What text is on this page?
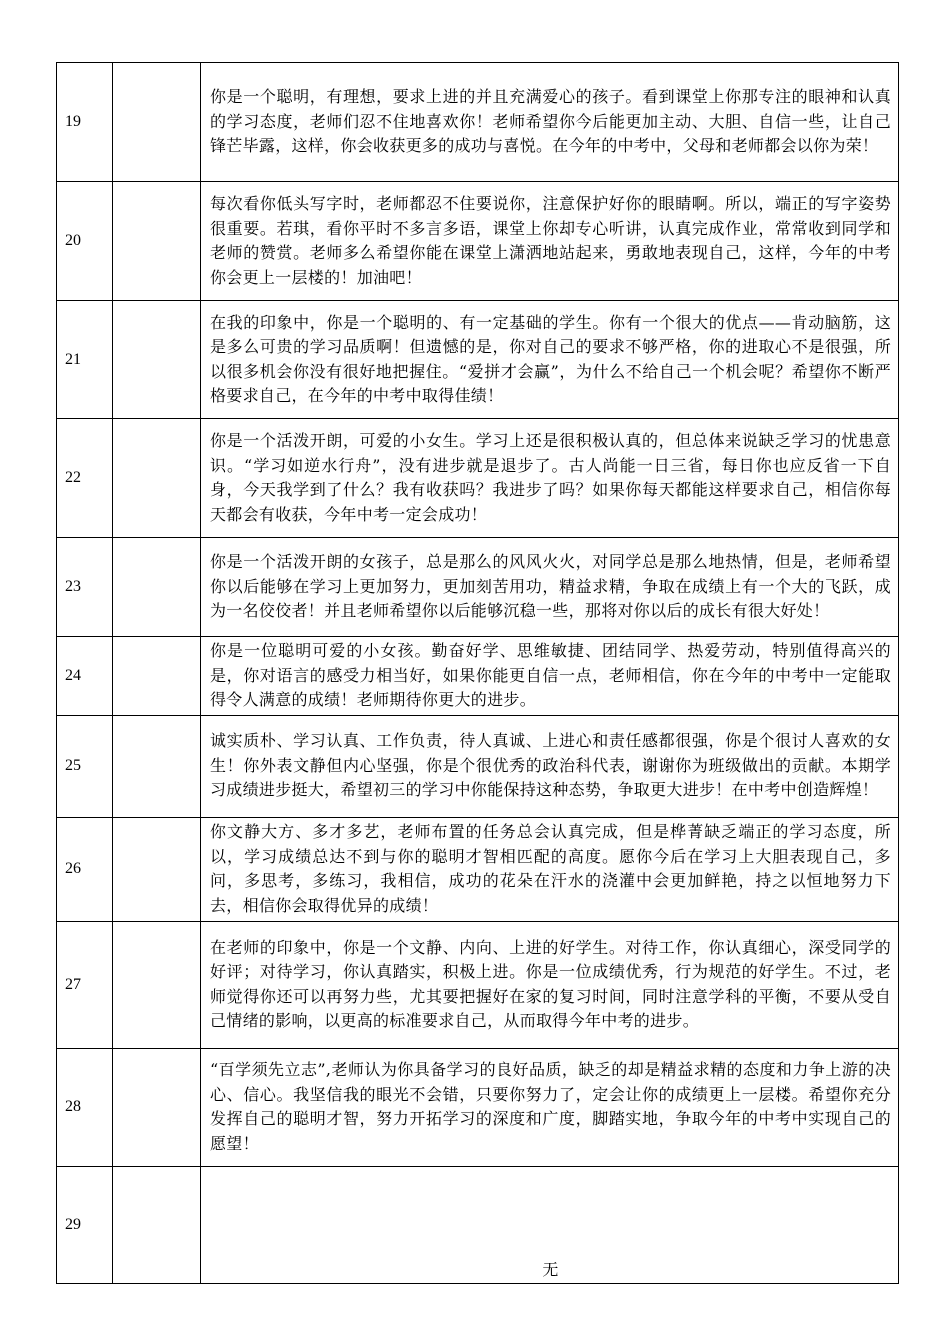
19		你是一个聪明，有理想，要求上进的并且充满爱心的孩子。看到课堂上你那专注的眼神和认真的学习态度，老师们忍不住地喜欢你！老师希望你今后能更加主动、大胆、自信一些，让自己锋芒毕露，这样，你会收获更多的成功与喜悦。在今年的中考中，父母和老师都会以你为荣！
20		每次看你低头写字时，老师都忍不住要说你，注意保护好你的眼睛啊。所以，端正的写字姿势很重要。若琪，看你平时不多言多语，课堂上你却专心听讲，认真完成作业，常常收到同学和老师的赞赏。老师多么希望你能在课堂上潇洒地站起来，勇敢地表现自己，这样，今年的中考你会更上一层楼的！加油吧！
21		在我的印象中，你是一个聪明的、有一定基础的学生。你有一个很大的优点——肯动脑筋，这是多么可贵的学习品质啊！但遗憾的是，你对自己的要求不够严格，你的进取心不是很强，所以很多机会你没有很好地把握住。“爱拼才会赢”，为什么不给自己一个机会呢？希望你不断严格要求自己，在今年的中考中取得佳绩！
22		你是一个活泼开朗，可爱的小女生。学习上还是很积极认真的，但总体来说缺乏学习的忧患意识。“学习如逆水行舟”，没有进步就是退步了。古人尚能一日三省，每日你也应反省一下自身，今天我学到了什么？我有收获吗？我进步了吗？如果你每天都能这样要求自己，相信你每天都会有收获，今年中考一定会成功！
23		你是一个活泼开朗的女孩子，总是那么的风风火火，对同学总是那么地热情，但是，老师希望你以后能够在学习上更加努力，更加刻苦用功，精益求精，争取在成绩上有一个大的飞跃，成为一名佼佼者！并且老师希望你以后能够沉稳一些，那将对你以后的成长有很大好处！
24		你是一位聪明可爱的小女孩。勤奋好学、思维敏捷、团结同学、热爱劳动，特别值得高兴的是，你对语言的感受力相当好，如果你能更自信一点，老师相信，你在今年的中考中一定能取得令人满意的成绩！老师期待你更大的进步。
25		诚实质朴、学习认真、工作负责，待人真诚、上进心和责任感都很强，你是个很讨人喜欢的女生！你外表文静但内心坚强，你是个很优秀的政治科代表，谢谢你为班级做出的贡献。本期学习成绩进步挺大，希望初三的学习中你能保持这种态势，争取更大进步！在中考中创造辉煌！
26		你文静大方、多才多艺，老师布置的任务总会认真完成，但是桦菁缺乏端正的学习态度，所以，学习成绩总达不到与你的聪明才智相匹配的高度。愿你今后在学习上大胆表现自己，多问，多思考，多练习，我相信，成功的花朵在汗水的浇灌中会更加鲜艳，持之以恒地努力下去，相信你会取得优异的成绩！
27		在老师的印象中，你是一个文静、内向、上进的好学生。对待工作，你认真细心，深受同学的好评；对待学习，你认真踏实，积极上进。你是一位成绩优秀，行为规范的好学生。不过，老师觉得你还可以再努力些，尤其要把握好在家的复习时间，同时注意学科的平衡，不要从受自己情绪的影响，以更高的标准要求自己，从而取得今年中考的进步。
28		“百学须先立志”,老师认为你具备学习的良好品质，缺乏的却是精益求精的态度和力争上游的决心、信心。我坚信我的眼光不会错，只要你努力了，定会让你的成绩更上一层楼。希望你充分发挥自己的聪明才智，努力开拓学习的深度和广度，脚踏实地，争取今年的中考中实现自己的愿望！
29		无
